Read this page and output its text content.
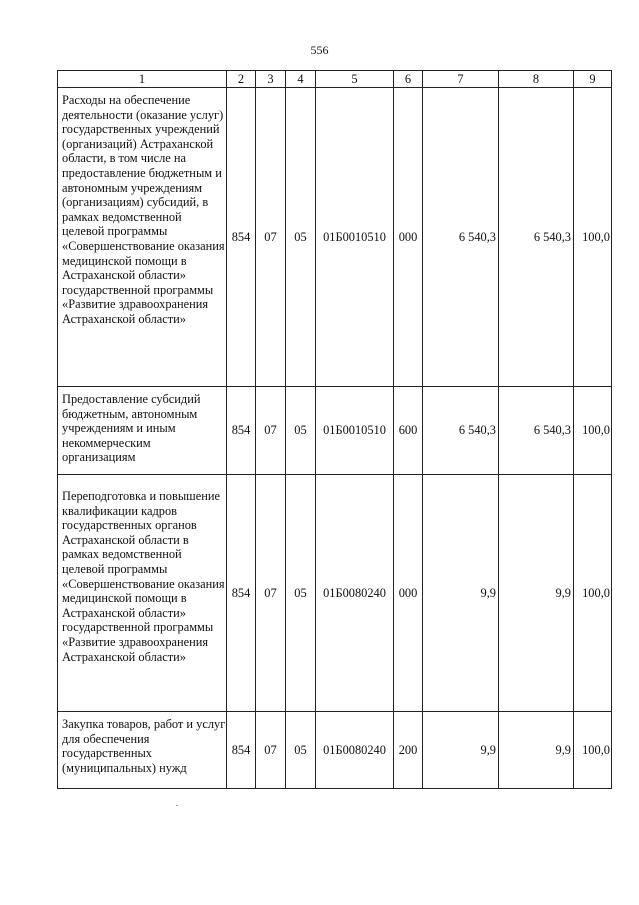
556
1	2	3	4	5	6	7	8	9
Расходы на обеспечение деятельности (оказание услуг) государственных учреждений (организаций) Астраханской области, в том числе на предоставление бюджетным и автономным учреждениям (организациям) субсидий, в рамках ведомственной целевой программы «Совершенствование оказания медицинской помощи в Астраханской области» государственной программы «Развитие здравоохранения Астраханской области»	854	07	05	01Б0010510	000	6 540,3	6 540,3	100,0
Предоставление субсидий бюджетным, автономным учреждениям и иным некоммерческим организациям	854	07	05	01Б0010510	600	6 540,3	6 540,3	100,0
Переподготовка и повышение квалификации кадров государственных органов Астраханской области в рамках ведомственной целевой программы «Совершенствование оказания медицинской помощи в Астраханской области» государственной программы «Развитие здравоохранения Астраханской области»	854	07	05	01Б0080240	000	9,9	9,9	100,0
Закупка товаров, работ и услуг для обеспечения государственных (муниципальных) нужд	854	07	05	01Б0080240	200	9,9	9,9	100,0
